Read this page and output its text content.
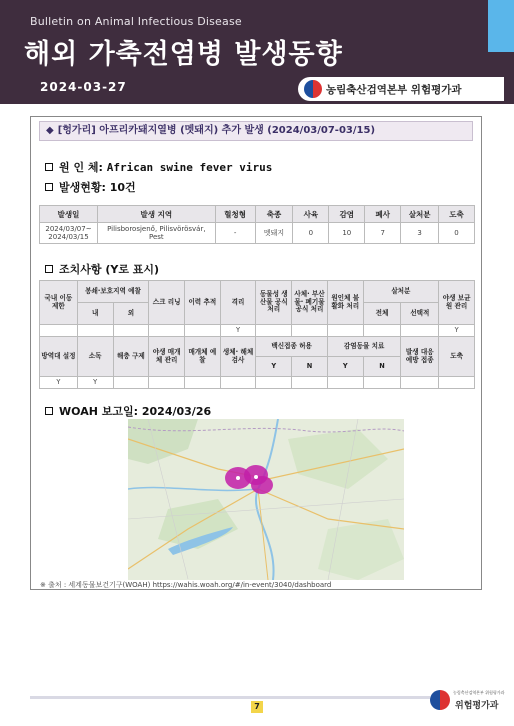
Bulletin on Animal Infectious Disease
해외 가축전염병 발생동향
2024-03-27	농림축산검역본부 위험평가과
◆ [헝가리] 아프리카돼지열병 (멧돼지) 추가 발생 (2024/03/07-03/15)
원 인 체: African swine fever virus
발생현황: 10건
발생일	발생 지역	혈청형	축종	사육	감염	폐사	살처분	도축
2024/03/07~
2024/03/15	Pilisborosjenő, Pilisvörösvár, Pest	-	멧돼지	0	10	7	3	0
조치사항 (Y로 표시)
국내 이동 제한	봉쇄·보호지역 예찰		스크 리닝	이력 추적	격리	동물성 생산물 공식 처리	사체· 부산물· 폐기물 공식 처리	원인체 불활화 처리	살처분		야생 보균원 관리
	내	외							전체	선택적	
					Y						Y
방역대 설정	소독	해충 구제	야생 매개체 관리	매개체 예찰	생체· 해체 검사	백신접종 허용		감염동물 치료		발생 대응 예방 접종	도축
						Y	N	Y	N		
Y	Y										
WOAH 보고일: 2024/03/26
※ 출처 : 세계동물보건기구(WOAH) https://wahis.woah.org/#/in-event/3040/dashboard
7
농림축산검역본부 위험평가과
위험평가과
